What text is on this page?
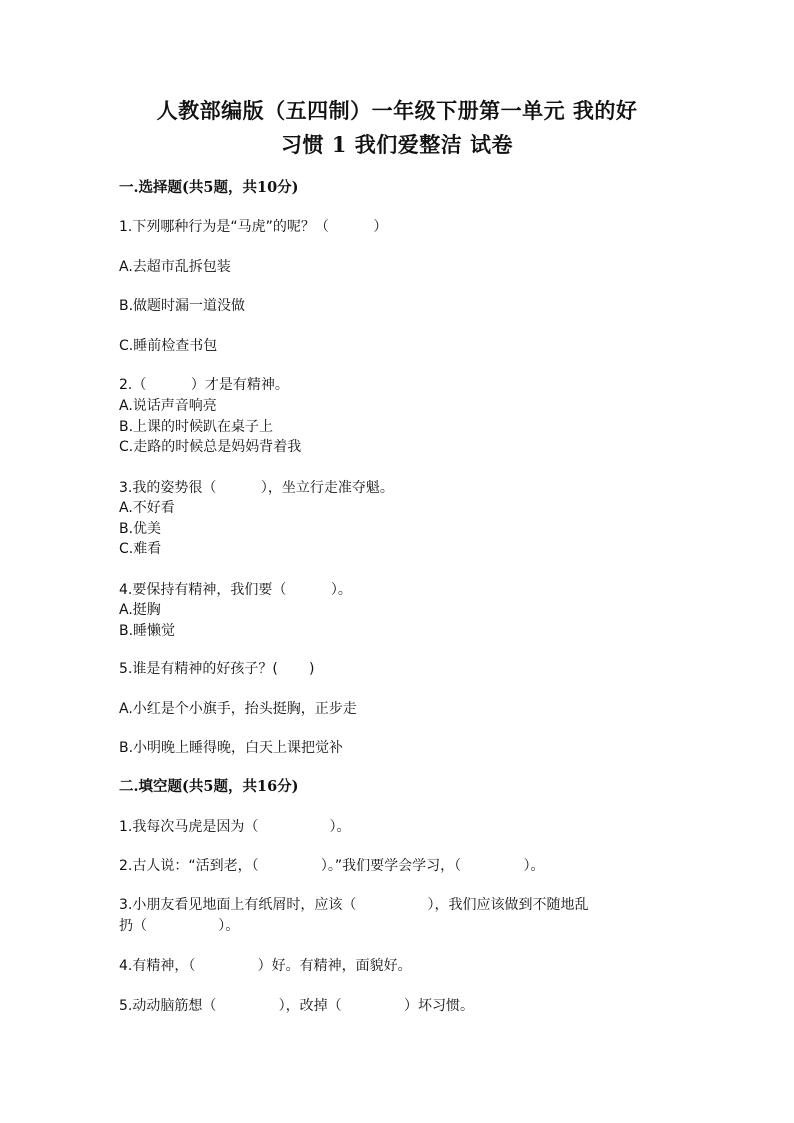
人教部编版（五四制）一年级下册第一单元 我的好
习惯 1 我们爱整洁 试卷
一.选择题(共5题，共10分)
1.下列哪种行为是“马虎”的呢？（          ）
A.去超市乱拆包装
B.做题时漏一道没做
C.睡前检查书包
2.（          ）才是有精神。
A.说话声音响亮
B.上课的时候趴在桌子上
C.走路的时候总是妈妈背着我
3.我的姿势很（          ），坐立行走准夺魁。
A.不好看
B.优美
C.难看
4.要保持有精神，我们要（          ）。
A.挺胸
B.睡懒觉
5.谁是有精神的好孩子？(       )
A.小红是个小旗手，抬头挺胸，正步走
B.小明晚上睡得晚，白天上课把觉补
二.填空题(共5题，共16分)
1.我每次马虎是因为（                ）。
2.古人说：“活到老，（              ）。”我们要学会学习，（              ）。
3.小朋友看见地面上有纸屑时，应该（                ），我们应该做到不随地乱
扔（                ）。
4.有精神，（              ）好。有精神，面貌好。
5.动动脑筋想（              ），改掉（              ）坏习惯。
